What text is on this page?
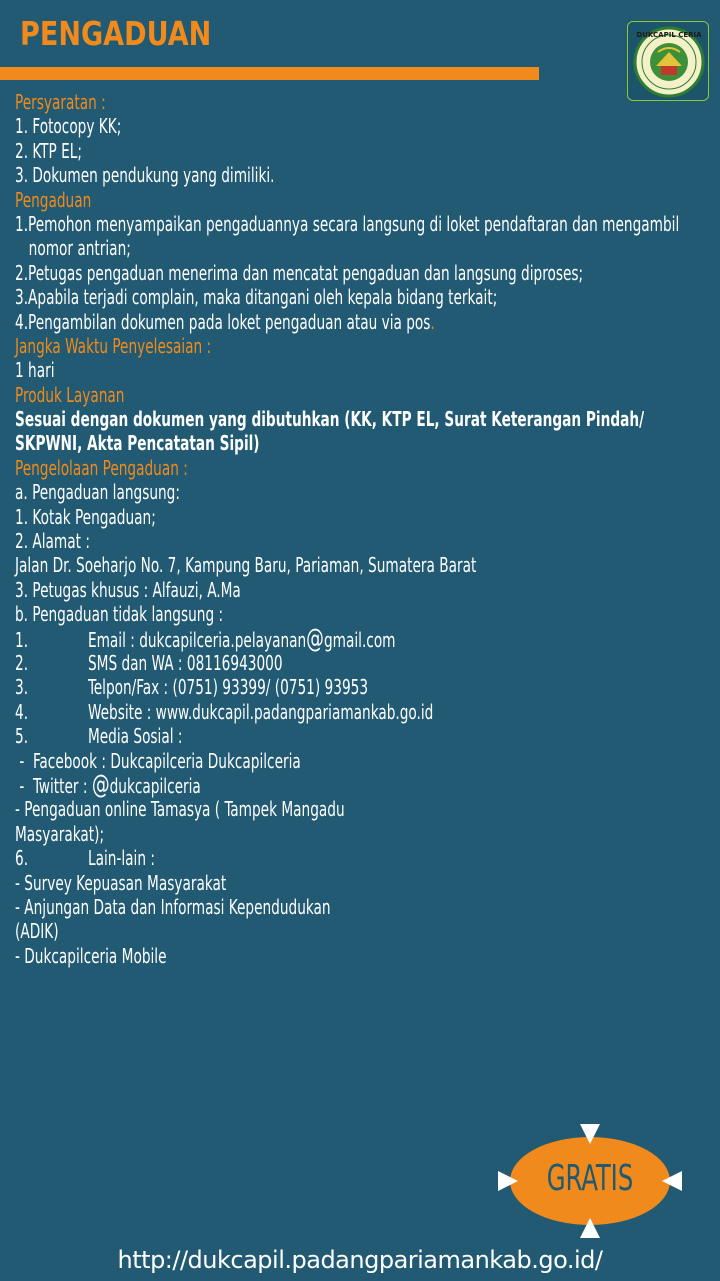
PENGADUAN	DUKCAPIL CERIA
Persyaratan :
1. Fotocopy KK;
2. KTP EL;
3. Dokumen pendukung yang dimiliki.
Pengaduan
1.Pemohon menyampaikan pengaduannya secara langsung di loket pendaftaran dan mengambil
nomor antrian;
2.Petugas pengaduan menerima dan mencatat pengaduan dan langsung diproses;
3.Apabila terjadi complain, maka ditangani oleh kepala bidang terkait;
4.Pengambilan dokumen pada loket pengaduan atau via pos.
Jangka Waktu Penyelesaian :
1 hari
Produk Layanan
Sesuai dengan dokumen yang dibutuhkan (KK, KTP EL, Surat Keterangan Pindah/
SKPWNI, Akta Pencatatan Sipil)
Pengelolaan Pengaduan :
a. Pengaduan langsung:
1. Kotak Pengaduan;
2. Alamat :
Jalan Dr. Soeharjo No. 7, Kampung Baru, Pariaman, Sumatera Barat
3. Petugas khusus : Alfauzi, A.Ma
b. Pengaduan tidak langsung :
1.	Email : dukcapilceria.pelayanan@gmail.com
2.	SMS dan WA : 08116943000
3.	Telpon/Fax : (0751) 93399/ (0751) 93953
4.	Website : www.dukcapil.padangpariamankab.go.id
5.	Media Sosial :
-  Facebook : Dukcapilceria Dukcapilceria
-  Twitter : @dukcapilceria
- Pengaduan online Tamasya ( Tampek Mangadu
Masyarakat);
6.	Lain-lain :
- Survey Kepuasan Masyarakat
- Anjungan Data dan Informasi Kependudukan
(ADIK)
- Dukcapilceria Mobile
GRATIS
http://dukcapil.padangpariamankab.go.id/
